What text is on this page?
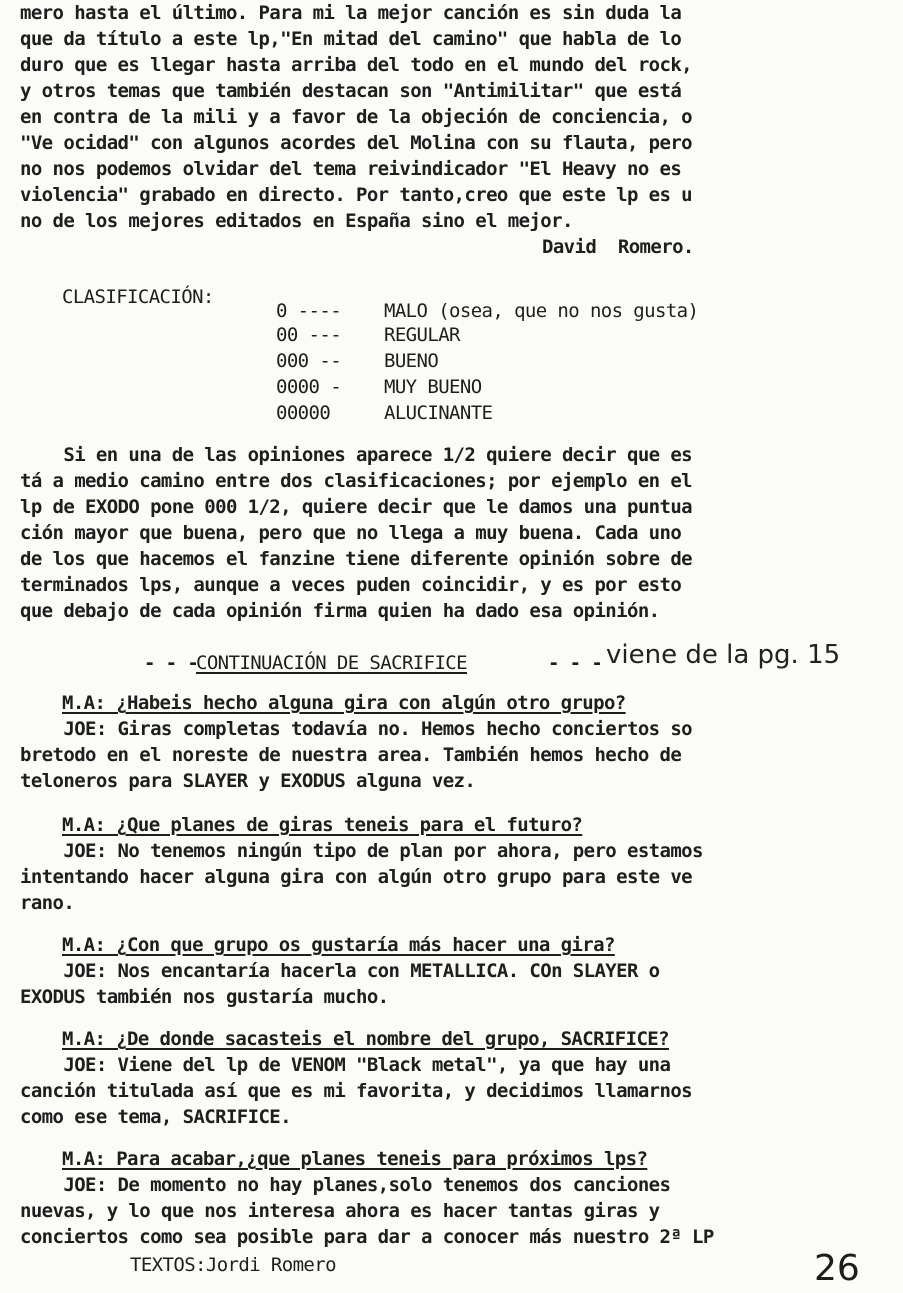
mero hasta el último. Para mi la mejor canción es sin duda la
que da título a este lp,"En mitad del camino" que habla de lo
duro que es llegar hasta arriba del todo en el mundo del rock,
y otros temas que también destacan son "Antimilitar" que está
en contra de la mili y a favor de la objeción de conciencia, o
"Ve ocidad" con algunos acordes del Molina con su flauta, pero
no nos podemos olvidar del tema reivindicador "El Heavy no es
violencia" grabado en directo. Por tanto,creo que este lp es u
no de los mejores editados en España sino el mejor.
David  Romero.
CLASIFICACIÓN:
0 ---- MALO (osea, que no nos gusta)
00 --- REGULAR
000 -- BUENO
0000 - MUY BUENO
00000	ALUCINANTE
Si en una de las opiniones aparece 1/2 quiere decir que es
tá a medio camino entre dos clasificaciones; por ejemplo en el
lp de EXODO pone 000 1/2, quiere decir que le damos una puntua
ción mayor que buena, pero que no llega a muy buena. Cada uno
de los que hacemos el fanzine tiene diferente opinión sobre de
terminados lps, aunque a veces puden coincidir, y es por esto
que debajo de cada opinión firma quien ha dado esa opinión.
- - -
CONTINUACIÓN DE SACRIFICE	- - - viene de la pg. 15
M.A: ¿Habeis hecho alguna gira con algún otro grupo?
JOE: Giras completas todavía no. Hemos hecho conciertos so
bretodo en el noreste de nuestra area. También hemos hecho de
teloneros para SLAYER y EXODUS alguna vez.
M.A: ¿Que planes de giras teneis para el futuro?
JOE: No tenemos ningún tipo de plan por ahora, pero estamos
intentando hacer alguna gira con algún otro grupo para este ve
rano.
M.A: ¿Con que grupo os gustaría más hacer una gira?
JOE: Nos encantaría hacerla con METALLICA. COn SLAYER o
EXODUS también nos gustaría mucho.
M.A: ¿De donde sacasteis el nombre del grupo, SACRIFICE?
JOE: Viene del lp de VENOM "Black metal", ya que hay una
canción titulada así que es mi favorita, y decidimos llamarnos
como ese tema, SACRIFICE.
M.A: Para acabar,¿que planes teneis para próximos lps?
JOE: De momento no hay planes,solo tenemos dos canciones
nuevas, y lo que nos interesa ahora es hacer tantas giras y
conciertos como sea posible para dar a conocer más nuestro 2ª LP
TEXTOS:Jordi Romero	26
